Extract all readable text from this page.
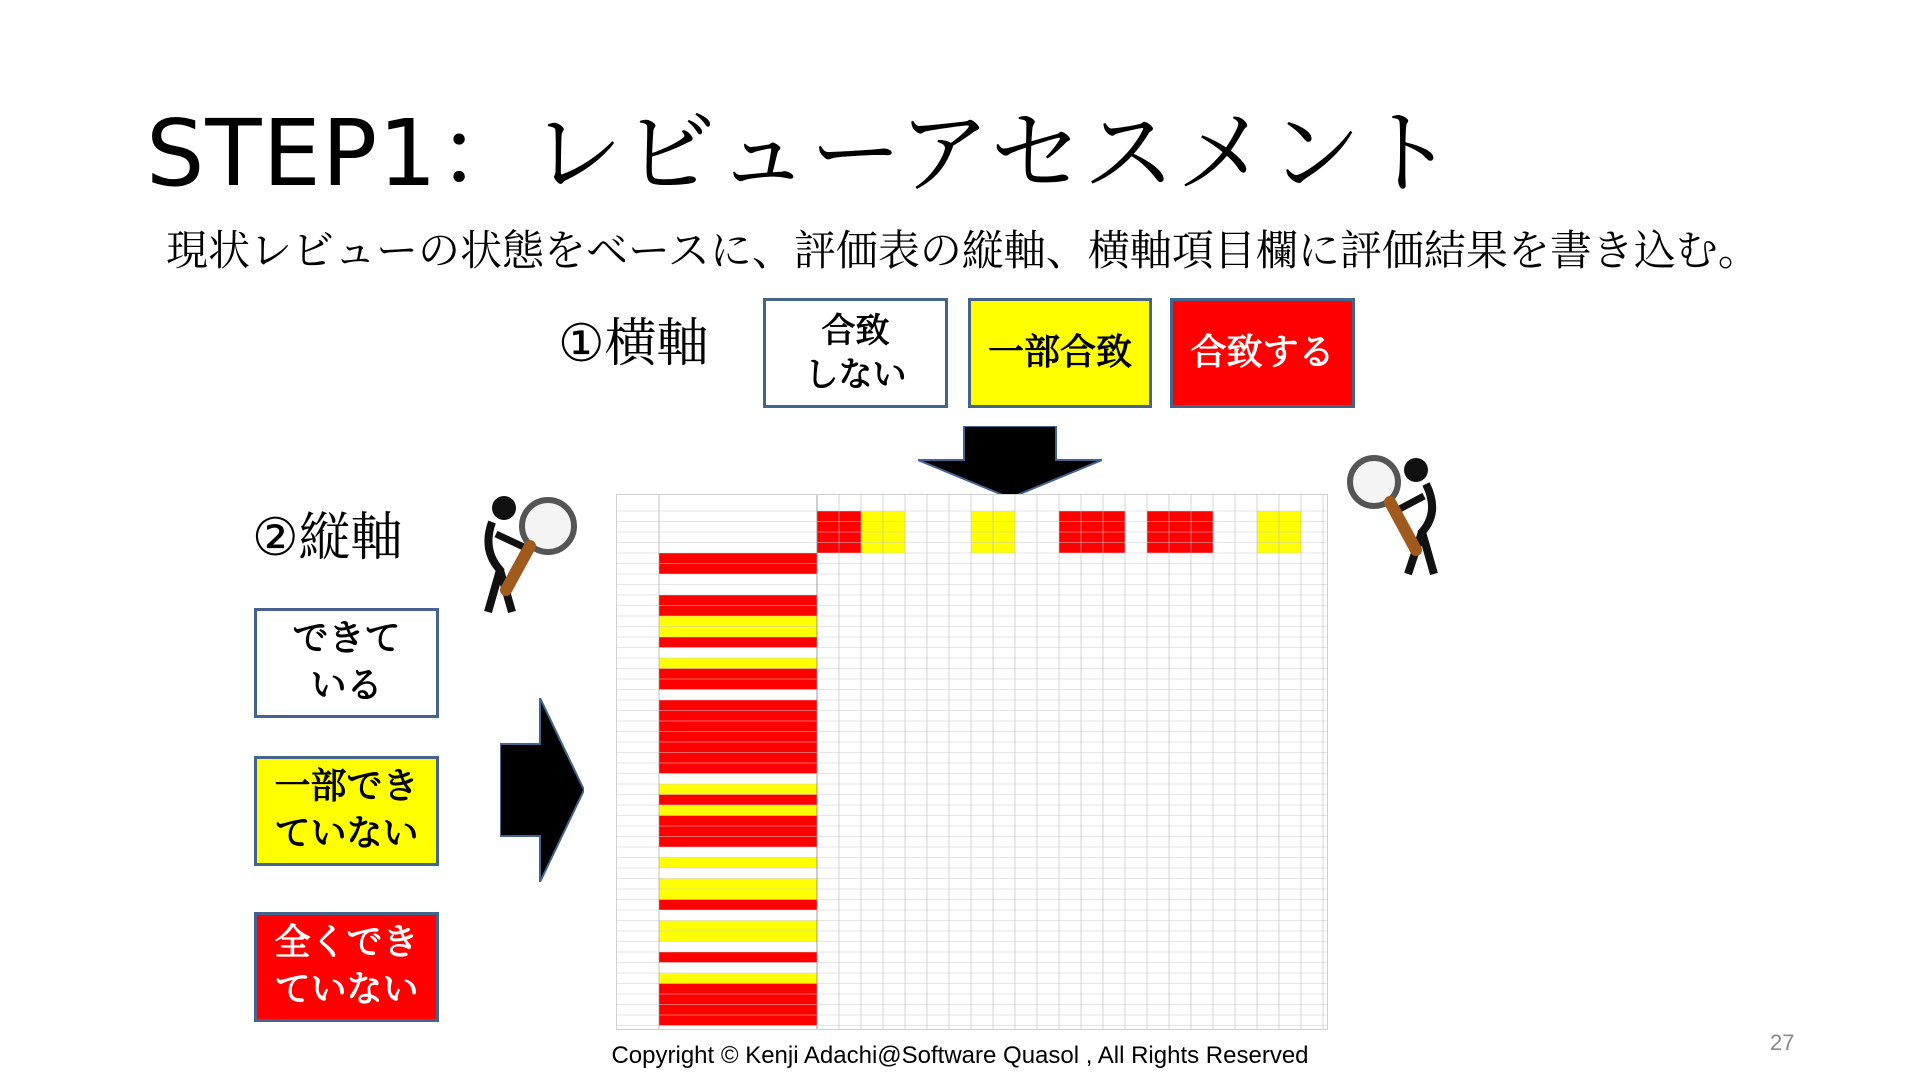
STEP1：レビューアセスメント
現状レビューの状態をベースに、評価表の縦軸、横軸項目欄に評価結果を書き込む。
①横軸	合致
しない
一部合致	合致する
②縦軸
できて
いる
一部でき
ていない
全くでき
ていない
Copyright © Kenji Adachi@Software Quasol , All Rights Reserved	27
